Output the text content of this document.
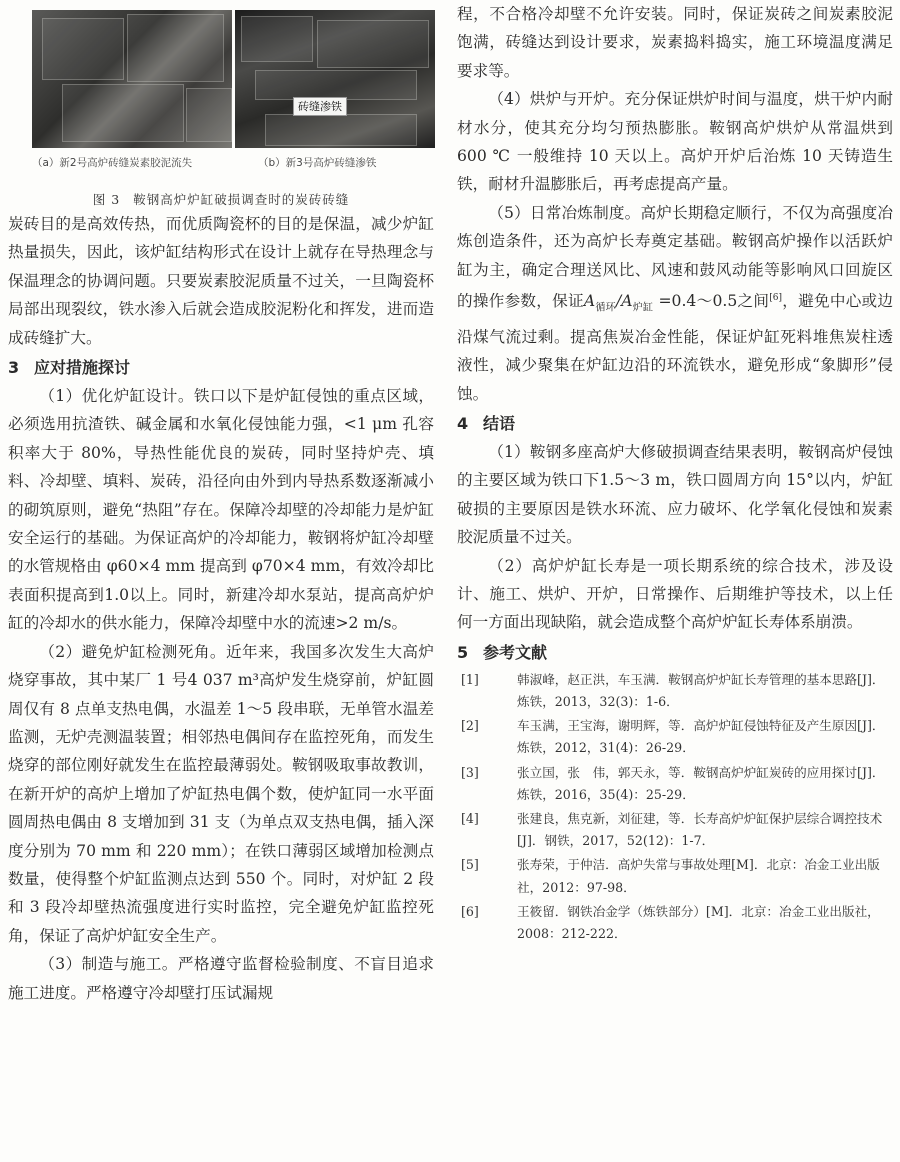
砖缝渗铁
（a）新2号高炉砖缝炭素胶泥流失	（b）新3号高炉砖缝渗铁
图 3 鞍钢高炉炉缸破损调查时的炭砖砖缝

炭砖目的是高效传热，而优质陶瓷杯的目的是保温，减少炉缸热量损失，因此，该炉缸结构形式在设计上就存在导热理念与保温理念的协调问题。只要炭素胶泥质量不过关，一旦陶瓷杯局部出现裂纹，铁水渗入后就会造成胶泥粉化和挥发，进而造成砖缝扩大。

3 应对措施探讨

（1）优化炉缸设计。铁口以下是炉缸侵蚀的重点区域，必须选用抗渣铁、碱金属和水氧化侵蚀能力强，<1 μm 孔容积率大于 80%，导热性能优良的炭砖，同时坚持炉壳、填料、冷却壁、填料、炭砖，沿径向由外到内导热系数逐渐减小的砌筑原则，避免“热阻”存在。保障冷却壁的冷却能力是炉缸安全运行的基础。为保证高炉的冷却能力，鞍钢将炉缸冷却壁的水管规格由 φ60×4 mm 提高到 φ70×4 mm，有效冷却比表面积提高到1.0以上。同时，新建冷却水泵站，提高高炉炉缸的冷却水的供水能力，保障冷却壁中水的流速>2 m/s。

（2）避免炉缸检测死角。近年来，我国多次发生大高炉烧穿事故，其中某厂 1 号4 037 m³高炉发生烧穿前，炉缸圆周仅有 8 点单支热电偶，水温差 1～5 段串联，无单管水温差监测，无炉壳测温装置；相邻热电偶间存在监控死角，而发生烧穿的部位刚好就发生在监控最薄弱处。鞍钢吸取事故教训，在新开炉的高炉上增加了炉缸热电偶个数，使炉缸同一水平面圆周热电偶由 8 支增加到 31 支（为单点双支热电偶，插入深度分别为 70 mm 和 220 mm）；在铁口薄弱区域增加检测点数量，使得整个炉缸监测点达到 550 个。同时，对炉缸 2 段和 3 段冷却壁热流强度进行实时监控，完全避免炉缸监控死角，保证了高炉炉缸安全生产。

（3）制造与施工。严格遵守监督检验制度、不盲目追求施工进度。严格遵守冷却壁打压试漏规

程，不合格冷却壁不允许安装。同时，保证炭砖之间炭素胶泥饱满，砖缝达到设计要求，炭素捣料捣实，施工环境温度满足要求等。

（4）烘炉与开炉。充分保证烘炉时间与温度，烘干炉内耐材水分，使其充分均匀预热膨胀。鞍钢高炉烘炉从常温烘到 600 ℃ 一般维持 10 天以上。高炉开炉后治炼 10 天铸造生铁，耐材升温膨胀后，再考虑提高产量。

（5）日常冶炼制度。高炉长期稳定顺行，不仅为高强度冶炼创造条件，还为高炉长寿奠定基础。鞍钢高炉操作以活跃炉缸为主，确定合理送风比、风速和鼓风动能等影响风口回旋区的操作参数，保证$A_{循环}/A_{炉缸}$ =0.4～0.5之间[6]，避免中心或边沿煤气流过剩。提高焦炭冶金性能，保证炉缸死料堆焦炭柱透液性，减少聚集在炉缸边沿的环流铁水，避免形成“象脚形”侵蚀。

4 结语

（1）鞍钢多座高炉大修破损调查结果表明，鞍钢高炉侵蚀的主要区域为铁口下1.5～3 m，铁口圆周方向 15°以内，炉缸破损的主要原因是铁水环流、应力破坏、化学氧化侵蚀和炭素胶泥质量不过关。

（2）高炉炉缸长寿是一项长期系统的综合技术，涉及设计、施工、烘炉、开炉，日常操作、后期维护等技术，以上任何一方面出现缺陷，就会造成整个高炉炉缸长寿体系崩溃。

5 参考文献
[1]	韩淑峰，赵正洪，车玉满．鞍钢高炉炉缸长寿管理的基本思路[J]．炼铁，2013，32(3)：1-6．
[2]	车玉满，王宝海，谢明辉，等．高炉炉缸侵蚀特征及产生原因[J]．炼铁，2012，31(4)：26-29．
[3]	张立国，张　伟，郭天永，等．鞍钢高炉炉缸炭砖的应用探讨[J]．炼铁，2016，35(4)：25-29．
[4]	张建良，焦克新，刘征建，等．长寿高炉炉缸保护层综合调控技术[J]．钢铁，2017，52(12)：1-7．
[5]	张寿荣，于仲洁．高炉失常与事故处理[M]．北京：冶金工业出版社，2012：97-98．
[6]	王筱留．钢铁冶金学（炼铁部分）[M]．北京：冶金工业出版社，2008：212-222．
